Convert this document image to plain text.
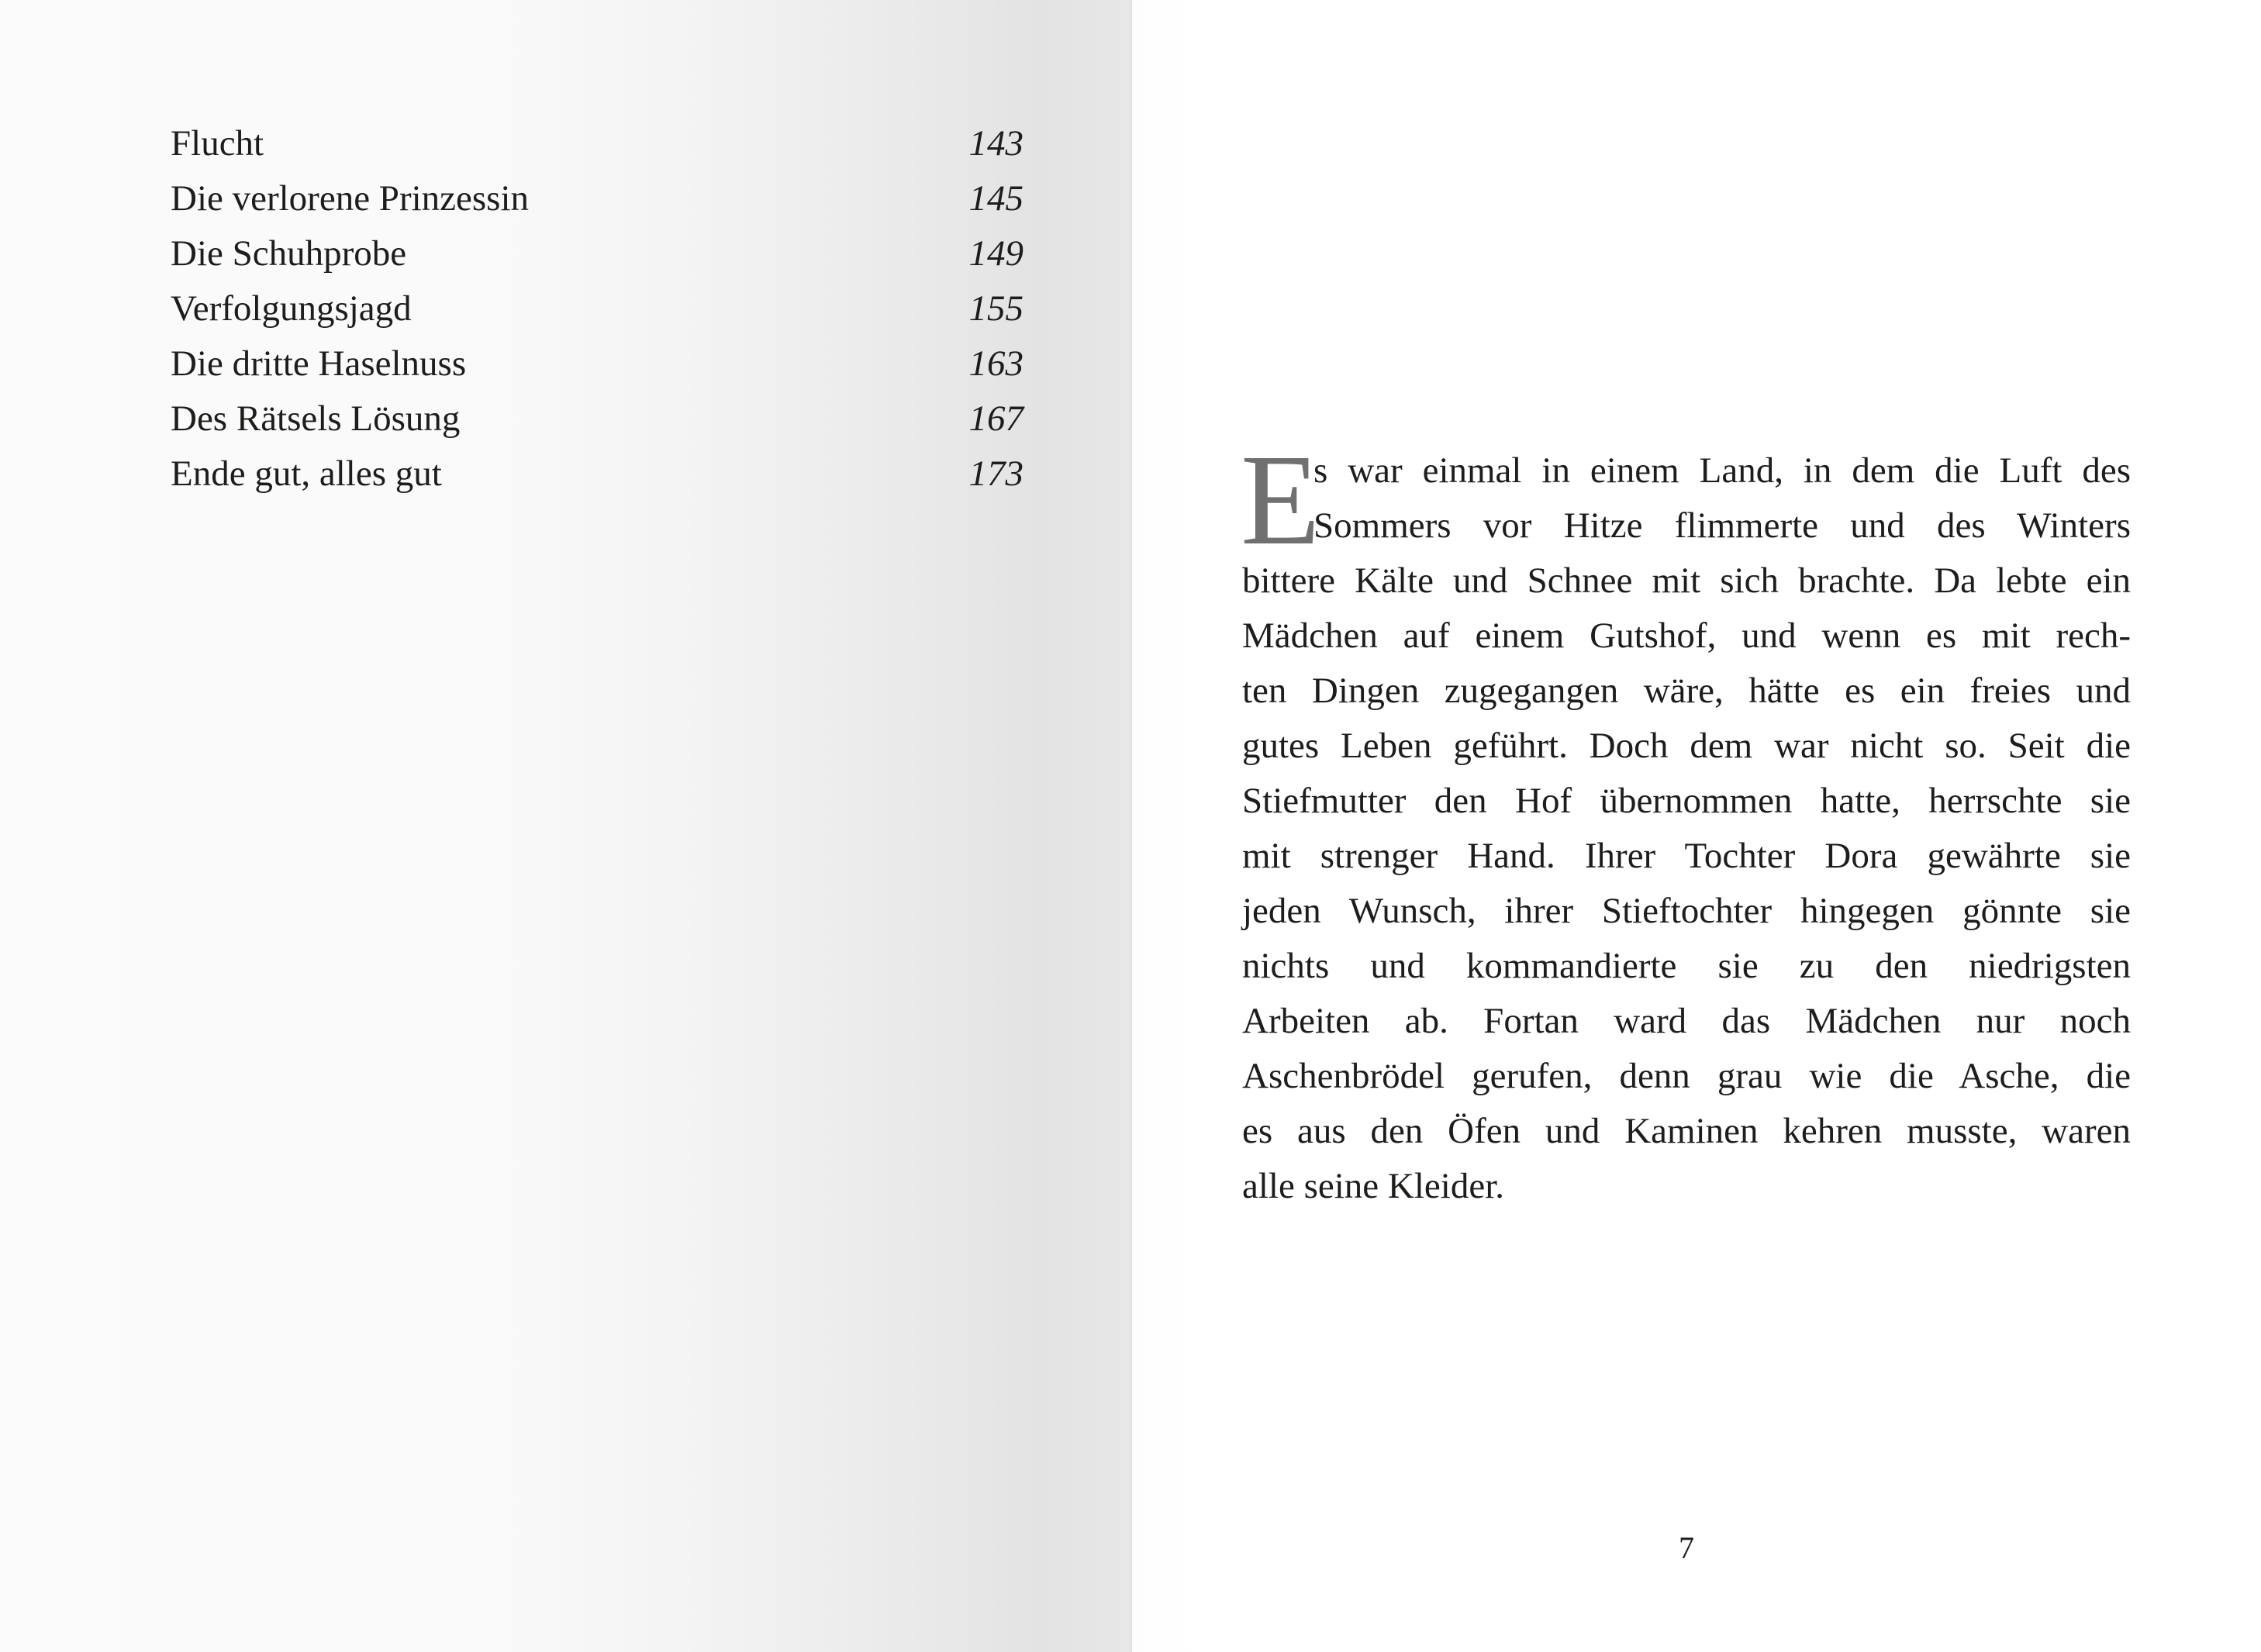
Flucht	143
Die verlorene Prinzessin	145
Die Schuhprobe	149
Verfolgungsjagd	155
Die dritte Haselnuss	163
Des Rätsels Lösung	167
Ende gut, alles gut	173 E
s war einmal in einem Land, in dem die Luft des
Sommers vor Hitze flimmerte und des Winters
bittere Kälte und Schnee mit sich brachte. Da lebte ein
Mädchen auf einem Gutshof, und wenn es mit rech-
ten Dingen zugegangen wäre, hätte es ein freies und
gutes Leben geführt. Doch dem war nicht so. Seit die
Stiefmutter den Hof übernommen hatte, herrschte sie
mit strenger Hand. Ihrer Tochter Dora gewährte sie
jeden Wunsch, ihrer Stieftochter hingegen gönnte sie
nichts und kommandierte sie zu den niedrigsten
Arbeiten ab. Fortan ward das Mädchen nur noch
Aschenbrödel gerufen, denn grau wie die Asche, die
es aus den Öfen und Kaminen kehren musste, waren
alle seine Kleider.
7
